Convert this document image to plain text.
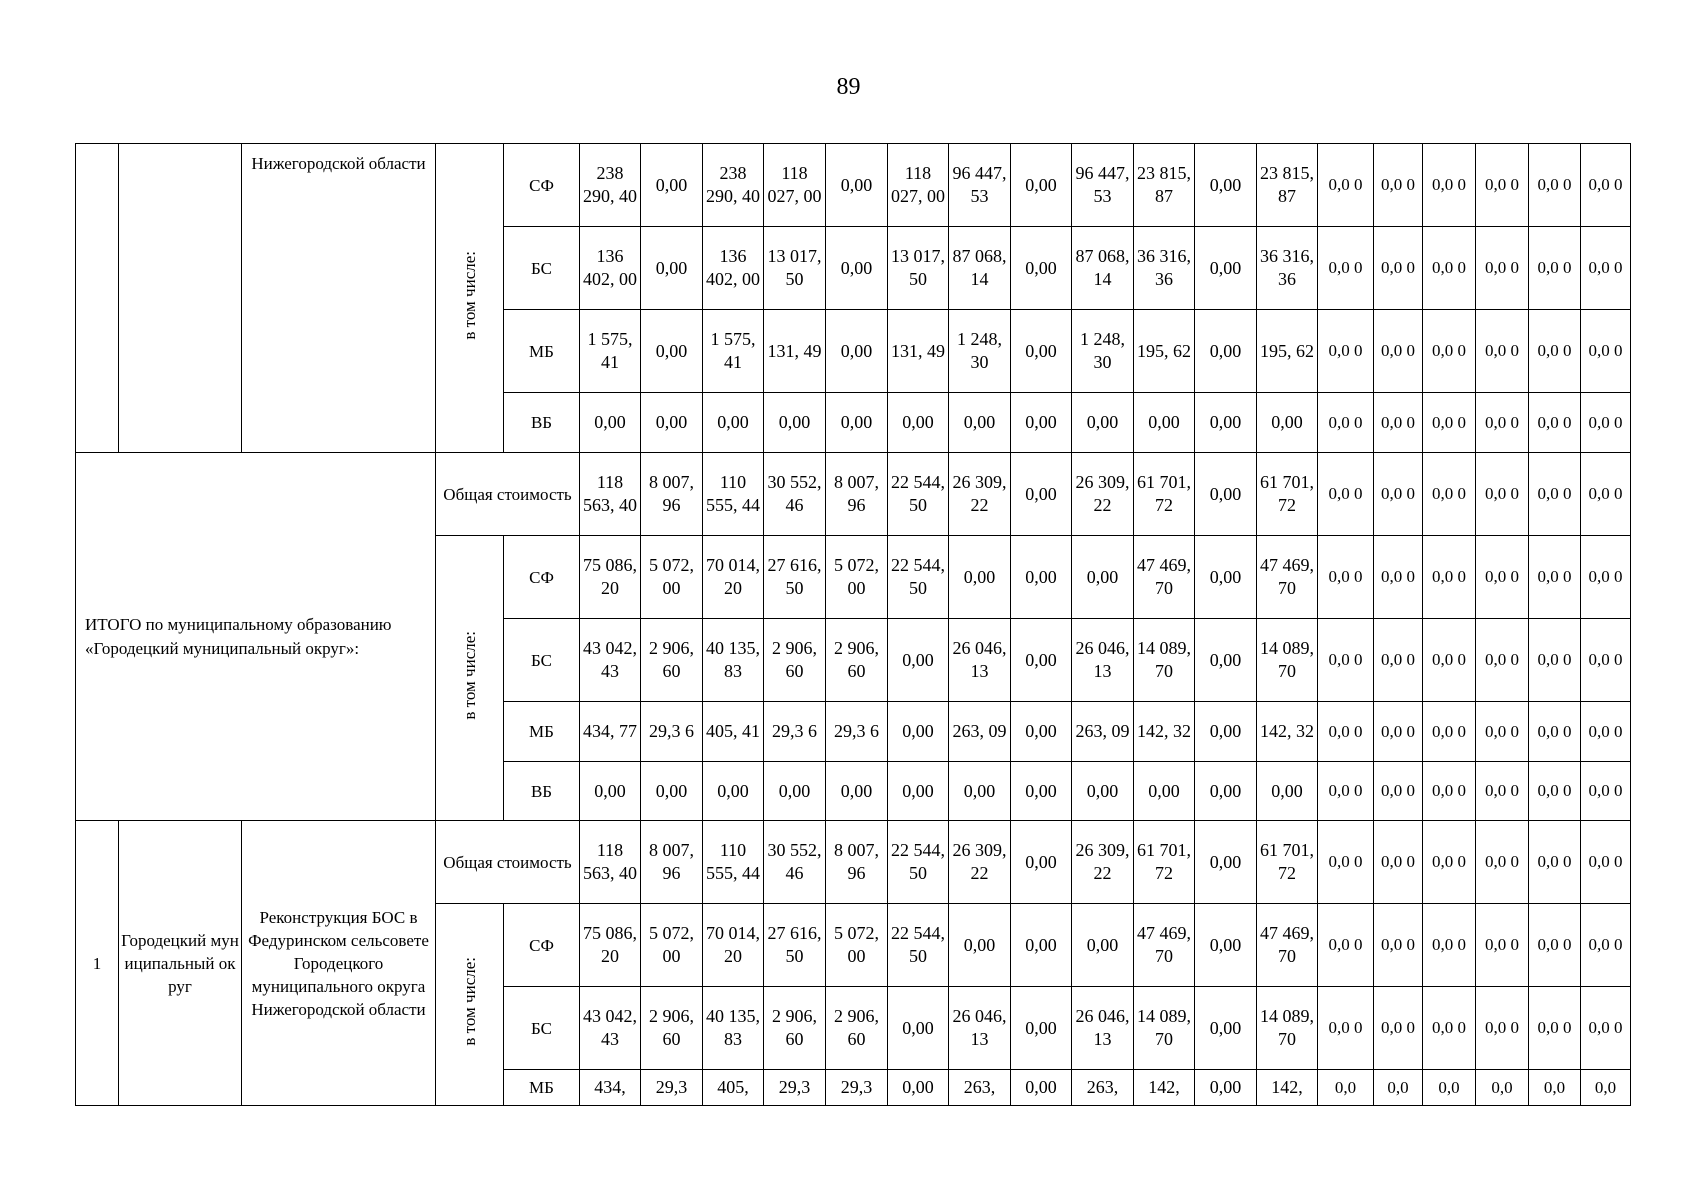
89
		Нижегородской области	в том числе:	СФ	238 290, 40	0,00	238 290, 40	118 027, 00	0,00	118 027, 00	96 447, 53	0,00	96 447, 53	23 815, 87	0,00	23 815, 87	0,0 0	0,0 0	0,0 0	0,0 0	0,0 0	0,0 0
				БС	136 402, 00	0,00	136 402, 00	13 017, 50	0,00	13 017, 50	87 068, 14	0,00	87 068, 14	36 316, 36	0,00	36 316, 36	0,0 0	0,0 0	0,0 0	0,0 0	0,0 0	0,0 0
				МБ	1 575, 41	0,00	1 575, 41	131, 49	0,00	131, 49	1 248, 30	0,00	1 248, 30	195, 62	0,00	195, 62	0,0 0	0,0 0	0,0 0	0,0 0	0,0 0	0,0 0
				ВБ	0,00	0,00	0,00	0,00	0,00	0,00	0,00	0,00	0,00	0,00	0,00	0,00	0,0 0	0,0 0	0,0 0	0,0 0	0,0 0	0,0 0
ИТОГО по муниципальному образованию «Городецкий муниципальный округ»:			Общая стоимость		118 563, 40	8 007, 96	110 555, 44	30 552, 46	8 007, 96	22 544, 50	26 309, 22	0,00	26 309, 22	61 701, 72	0,00	61 701, 72	0,0 0	0,0 0	0,0 0	0,0 0	0,0 0	0,0 0
			в том числе:	СФ	75 086, 20	5 072, 00	70 014, 20	27 616, 50	5 072, 00	22 544, 50	0,00	0,00	0,00	47 469, 70	0,00	47 469, 70	0,0 0	0,0 0	0,0 0	0,0 0	0,0 0	0,0 0
				БС	43 042, 43	2 906, 60	40 135, 83	2 906, 60	2 906, 60	0,00	26 046, 13	0,00	26 046, 13	14 089, 70	0,00	14 089, 70	0,0 0	0,0 0	0,0 0	0,0 0	0,0 0	0,0 0
				МБ	434, 77	29,3 6	405, 41	29,3 6	29,3 6	0,00	263, 09	0,00	263, 09	142, 32	0,00	142, 32	0,0 0	0,0 0	0,0 0	0,0 0	0,0 0	0,0 0
				ВБ	0,00	0,00	0,00	0,00	0,00	0,00	0,00	0,00	0,00	0,00	0,00	0,00	0,0 0	0,0 0	0,0 0	0,0 0	0,0 0	0,0 0
1	Городецкий муниципальный округ	Реконструкция БОС в Федуринском сельсовете Городецкого муниципального округа Нижегородской области	Общая стоимость		118 563, 40	8 007, 96	110 555, 44	30 552, 46	8 007, 96	22 544, 50	26 309, 22	0,00	26 309, 22	61 701, 72	0,00	61 701, 72	0,0 0	0,0 0	0,0 0	0,0 0	0,0 0	0,0 0
			в том числе:	СФ	75 086, 20	5 072, 00	70 014, 20	27 616, 50	5 072, 00	22 544, 50	0,00	0,00	0,00	47 469, 70	0,00	47 469, 70	0,0 0	0,0 0	0,0 0	0,0 0	0,0 0	0,0 0
				БС	43 042, 43	2 906, 60	40 135, 83	2 906, 60	2 906, 60	0,00	26 046, 13	0,00	26 046, 13	14 089, 70	0,00	14 089, 70	0,0 0	0,0 0	0,0 0	0,0 0	0,0 0	0,0 0
				МБ	434,	29,3	405,	29,3	29,3	0,00	263,	0,00	263,	142,	0,00	142,	0,0	0,0	0,0	0,0	0,0	0,0
